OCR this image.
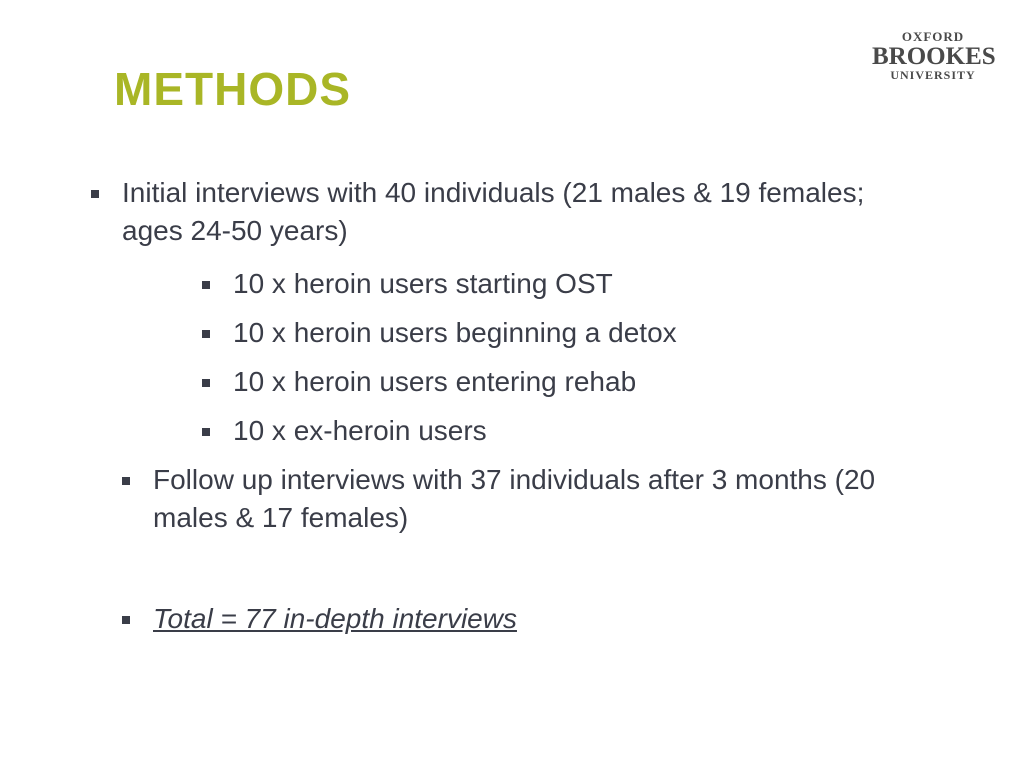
METHODS
OXFORD
BROOKES
UNIVERSITY
Initial interviews with 40 individuals (21 males & 19 females; ages 24-50 years)
10 x heroin users starting OST
10 x heroin users beginning a detox
10 x heroin users entering rehab
10 x ex-heroin users
Follow up interviews with 37 individuals after 3 months (20 males & 17 females)
Total = 77 in-depth interviews
